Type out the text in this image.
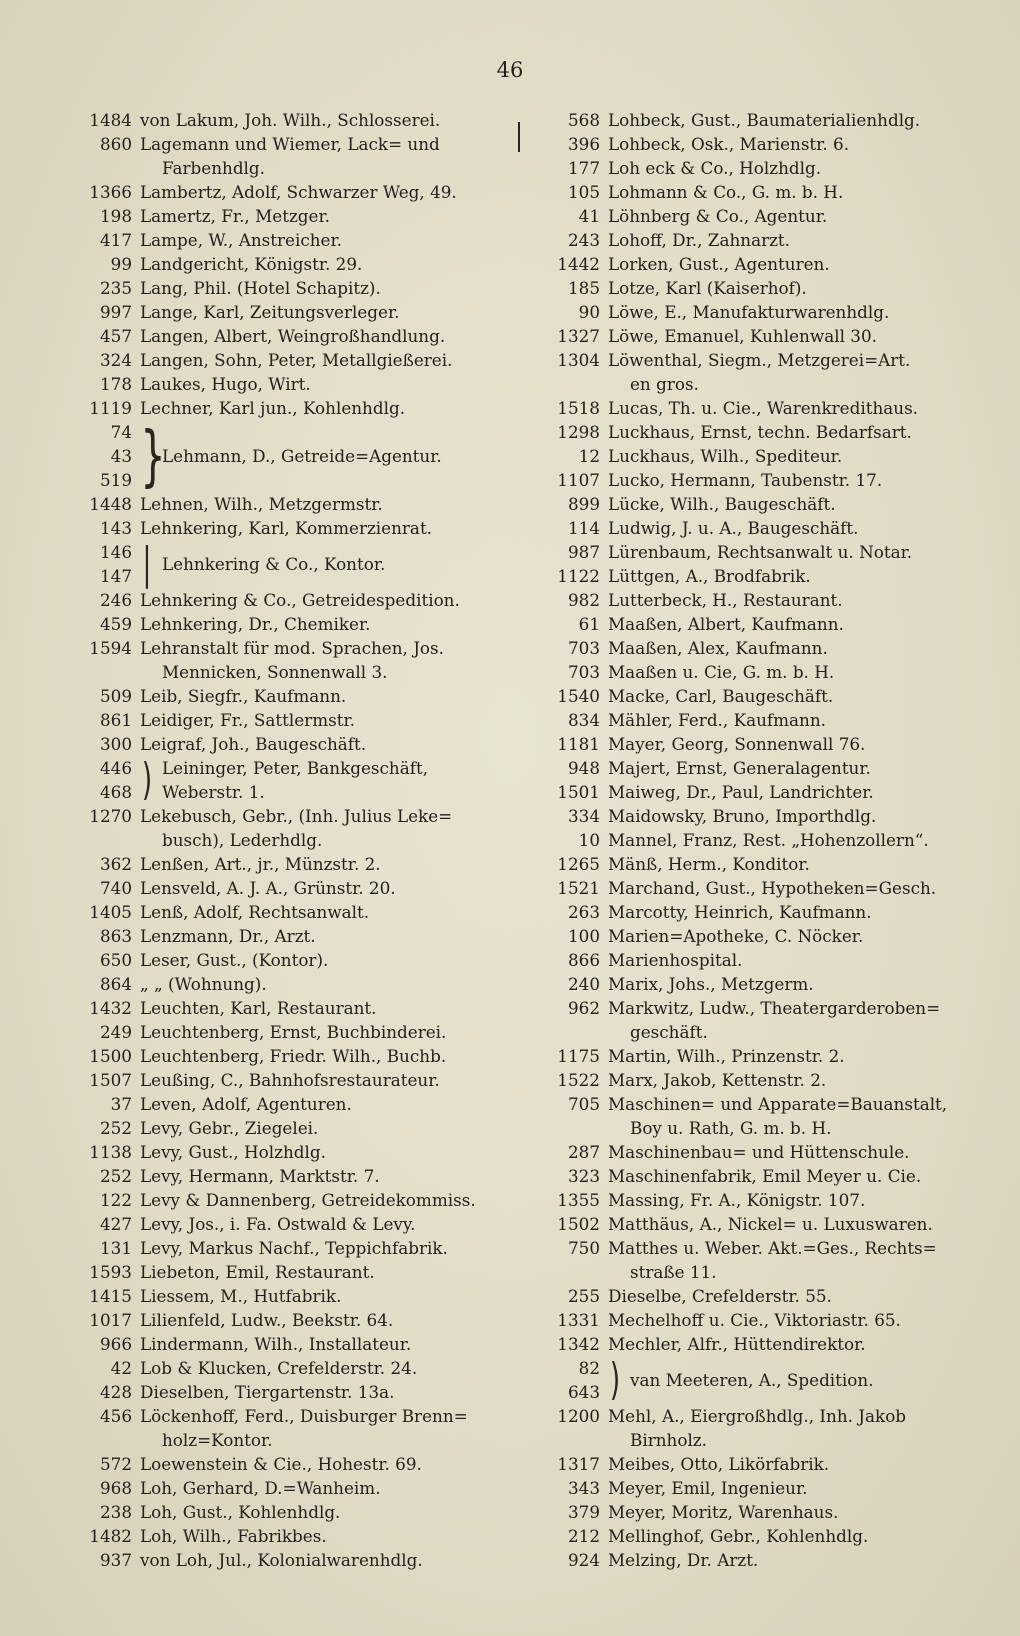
46
1484 von Lakum, Joh. Wilh., Schlosserei.
860 Lagemann und Wiemer, Lack= und
Farbenhdlg.
1366 Lambertz, Adolf, Schwarzer Weg, 49.
198 Lamertz, Fr., Metzger.
417 Lampe, W., Anstreicher.
99 Landgericht, Königstr. 29.
235 Lang, Phil. (Hotel Schapitz).
997 Lange, Karl, Zeitungsverleger.
457 Langen, Albert, Weingroßhandlung.
324 Langen, Sohn, Peter, Metallgießerei.
178 Laukes, Hugo, Wirt.
1119 Lechner, Karl jun., Kohlenhdlg.
74
43
519 }
Lehmann, D., Getreide=Agentur.
1448 Lehnen, Wilh., Metzgermstr.
143 Lehnkering, Karl, Kommerzienrat.
146
147 | Lehnkering & Co., Kontor.
246 Lehnkering & Co., Getreidespedition.
459 Lehnkering, Dr., Chemiker.
1594 Lehranstalt für mod. Sprachen, Jos.
Mennicken, Sonnenwall 3.
509 Leib, Siegfr., Kaufmann.
861 Leidiger, Fr., Sattlermstr.
300 Leigraf, Joh., Baugeschäft.
446
468 ) Leininger, Peter, Bankgeschäft, Weberstr. 1.
1270 Lekebusch, Gebr., (Inh. Julius Leke=
busch), Lederhdlg.
362 Lenßen, Art., jr., Münzstr. 2.
740 Lensveld, A. J. A., Grünstr. 20.
1405 Lenß, Adolf, Rechtsanwalt.
863 Lenzmann, Dr., Arzt.
650 Leser, Gust., (Kontor).
864 „ „ (Wohnung).
1432 Leuchten, Karl, Restaurant.
249 Leuchtenberg, Ernst, Buchbinderei.
1500 Leuchtenberg, Friedr. Wilh., Buchb.
1507 Leußing, C., Bahnhofsrestaurateur.
37 Leven, Adolf, Agenturen.
252 Levy, Gebr., Ziegelei.
1138 Levy, Gust., Holzhdlg.
252 Levy, Hermann, Marktstr. 7.
122 Levy & Dannenberg, Getreidekommiss.
427 Levy, Jos., i. Fa. Ostwald & Levy.
131 Levy, Markus Nachf., Teppichfabrik.
1593 Liebeton, Emil, Restaurant.
1415 Liessem, M., Hutfabrik.
1017 Lilienfeld, Ludw., Beekstr. 64.
966 Lindermann, Wilh., Installateur.
42 Lob & Klucken, Crefelderstr. 24.
428 Dieselben, Tiergartenstr. 13a.
456 Löckenhoff, Ferd., Duisburger Brenn=
holz=Kontor.
572 Loewenstein & Cie., Hohestr. 69.
968 Loh, Gerhard, D.=Wanheim.
238 Loh, Gust., Kohlenhdlg.
1482 Loh, Wilh., Fabrikbes.
937 von Loh, Jul., Kolonialwarenhdlg.
568 Lohbeck, Gust., Baumaterialienhdlg.
396 Lohbeck, Osk., Marienstr. 6.
177 Loh eck & Co., Holzhdlg.
105 Lohmann & Co., G. m. b. H.
41 Löhnberg & Co., Agentur.
243 Lohoff, Dr., Zahnarzt.
1442 Lorken, Gust., Agenturen.
185 Lotze, Karl (Kaiserhof).
90 Löwe, E., Manufakturwarenhdlg.
1327 Löwe, Emanuel, Kuhlenwall 30.
1304 Löwenthal, Siegm., Metzgerei=Art.
en gros.
1518 Lucas, Th. u. Cie., Warenkredithaus.
1298 Luckhaus, Ernst, techn. Bedarfsart.
12 Luckhaus, Wilh., Spediteur.
1107 Lucko, Hermann, Taubenstr. 17.
899 Lücke, Wilh., Baugeschäft.
114 Ludwig, J. u. A., Baugeschäft.
987 Lürenbaum, Rechtsanwalt u. Notar.
1122 Lüttgen, A., Brodfabrik.
982 Lutterbeck, H., Restaurant.
61 Maaßen, Albert, Kaufmann.
703 Maaßen, Alex, Kaufmann.
703 Maaßen u. Cie, G. m. b. H.
1540 Macke, Carl, Baugeschäft.
834 Mähler, Ferd., Kaufmann.
1181 Mayer, Georg, Sonnenwall 76.
948 Majert, Ernst, Generalagentur.
1501 Maiweg, Dr., Paul, Landrichter.
334 Maidowsky, Bruno, Importhdlg.
10 Mannel, Franz, Rest. „Hohenzollern“.
1265 Mänß, Herm., Konditor.
1521 Marchand, Gust., Hypotheken=Gesch.
263 Marcotty, Heinrich, Kaufmann.
100 Marien=Apotheke, C. Nöcker.
866 Marienhospital.
240 Marix, Johs., Metzgerm.
962 Markwitz, Ludw., Theatergarderoben=
geschäft.
1175 Martin, Wilh., Prinzenstr. 2.
1522 Marx, Jakob, Kettenstr. 2.
705 Maschinen= und Apparate=Bauanstalt,
Boy u. Rath, G. m. b. H.
287 Maschinenbau= und Hüttenschule.
323 Maschinenfabrik, Emil Meyer u. Cie.
1355 Massing, Fr. A., Königstr. 107.
1502 Matthäus, A., Nickel= u. Luxuswaren.
750 Matthes u. Weber. Akt.=Ges., Rechts=
straße 11.
255 Dieselbe, Crefelderstr. 55.
1331 Mechelhoff u. Cie., Viktoriastr. 65.
1342 Mechler, Alfr., Hüttendirektor.
82
643 ) van Meeteren, A., Spedition.
1200 Mehl, A., Eiergroßhdlg., Inh. Jakob
Birnholz.
1317 Meibes, Otto, Likörfabrik.
343 Meyer, Emil, Ingenieur.
379 Meyer, Moritz, Warenhaus.
212 Mellinghof, Gebr., Kohlenhdlg.
924 Melzing, Dr. Arzt.
